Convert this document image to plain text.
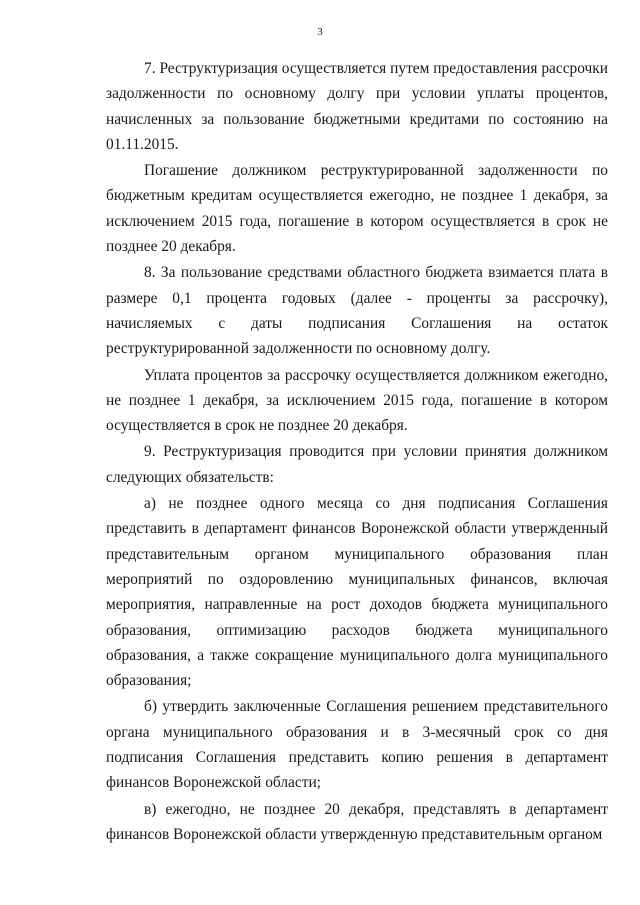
3

7. Реструктуризация осуществляется путем предоставления рассрочки задолженности по основному долгу при условии уплаты процентов, начисленных за пользование бюджетными кредитами по состоянию на 01.11.2015.

Погашение должником реструктурированной задолженности по бюджетным кредитам осуществляется ежегодно, не позднее 1 декабря, за исключением 2015 года, погашение в котором осуществляется в срок не позднее 20 декабря.

8. За пользование средствами областного бюджета взимается плата в размере 0,1 процента годовых (далее - проценты за рассрочку), начисляемых с даты подписания Соглашения на остаток реструктурированной задолженности по основному долгу.

Уплата процентов за рассрочку осуществляется должником ежегодно, не позднее 1 декабря, за исключением 2015 года, погашение в котором осуществляется в срок не позднее 20 декабря.

9. Реструктуризация проводится при условии принятия должником следующих обязательств:

а) не позднее одного месяца со дня подписания Соглашения представить в департамент финансов Воронежской области утвержденный представительным органом муниципального образования план мероприятий по оздоровлению муниципальных финансов, включая мероприятия, направленные на рост доходов бюджета муниципального образования, оптимизацию расходов бюджета муниципального образования, а также сокращение муниципального долга муниципального образования;

б) утвердить заключенные Соглашения решением представительного органа муниципального образования и в 3-месячный срок со дня подписания Соглашения представить копию решения в департамент финансов Воронежской области;

в) ежегодно, не позднее 20 декабря, представлять в департамент финансов Воронежской области утвержденную представительным органом
